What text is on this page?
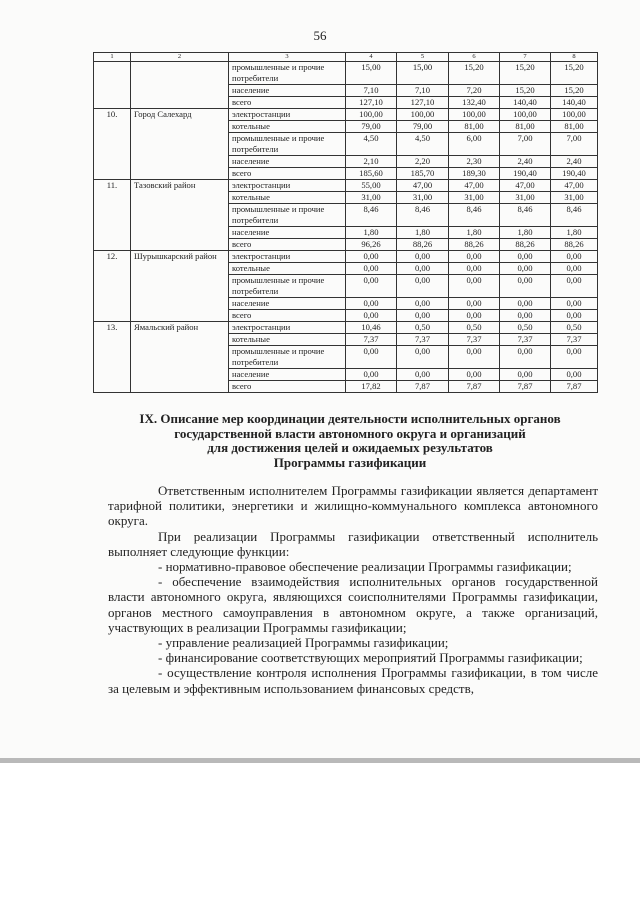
56
1	2	3	4	5	6	7	8
		промышленные и прочие потребители	15,00	15,00	15,20	15,20	15,20
		население	7,10	7,10	7,20	15,20	15,20
		всего	127,10	127,10	132,40	140,40	140,40
10.	Город Салехард	электростанции	100,00	100,00	100,00	100,00	100,00
		котельные	79,00	79,00	81,00	81,00	81,00
		промышленные и прочие потребители	4,50	4,50	6,00	7,00	7,00
		население	2,10	2,20	2,30	2,40	2,40
		всего	185,60	185,70	189,30	190,40	190,40
11.	Тазовский район	электростанции	55,00	47,00	47,00	47,00	47,00
		котельные	31,00	31,00	31,00	31,00	31,00
		промышленные и прочие потребители	8,46	8,46	8,46	8,46	8,46
		население	1,80	1,80	1,80	1,80	1,80
		всего	96,26	88,26	88,26	88,26	88,26
12.	Шурышкарский район	электростанции	0,00	0,00	0,00	0,00	0,00
		котельные	0,00	0,00	0,00	0,00	0,00
		промышленные и прочие потребители	0,00	0,00	0,00	0,00	0,00
		население	0,00	0,00	0,00	0,00	0,00
		всего	0,00	0,00	0,00	0,00	0,00
13.	Ямальский район	электростанции	10,46	0,50	0,50	0,50	0,50
		котельные	7,37	7,37	7,37	7,37	7,37
		промышленные и прочие потребители	0,00	0,00	0,00	0,00	0,00
		население	0,00	0,00	0,00	0,00	0,00
		всего	17,82	7,87	7,87	7,87	7,87
IX. Описание мер координации деятельности исполнительных органов
государственной власти автономного округа и организаций
для достижения целей и ожидаемых результатов
Программы газификации

Ответственным исполнителем Программы газификации является департамент тарифной политики, энергетики и жилищно-коммунального комплекса автономного округа.

При реализации Программы газификации ответственный исполнитель выполняет следующие функции:

- нормативно-правовое обеспечение реализации Программы газификации;

- обеспечение взаимодействия исполнительных органов государственной власти автономного округа, являющихся соисполнителями Программы газификации, органов местного самоуправления в автономном округе, а также организаций, участвующих в реализации Программы газификации;

- управление реализацией Программы газификации;

- финансирование соответствующих мероприятий Программы газификации;

- осуществление контроля исполнения Программы газификации, в том числе за целевым и эффективным использованием финансовых средств,
